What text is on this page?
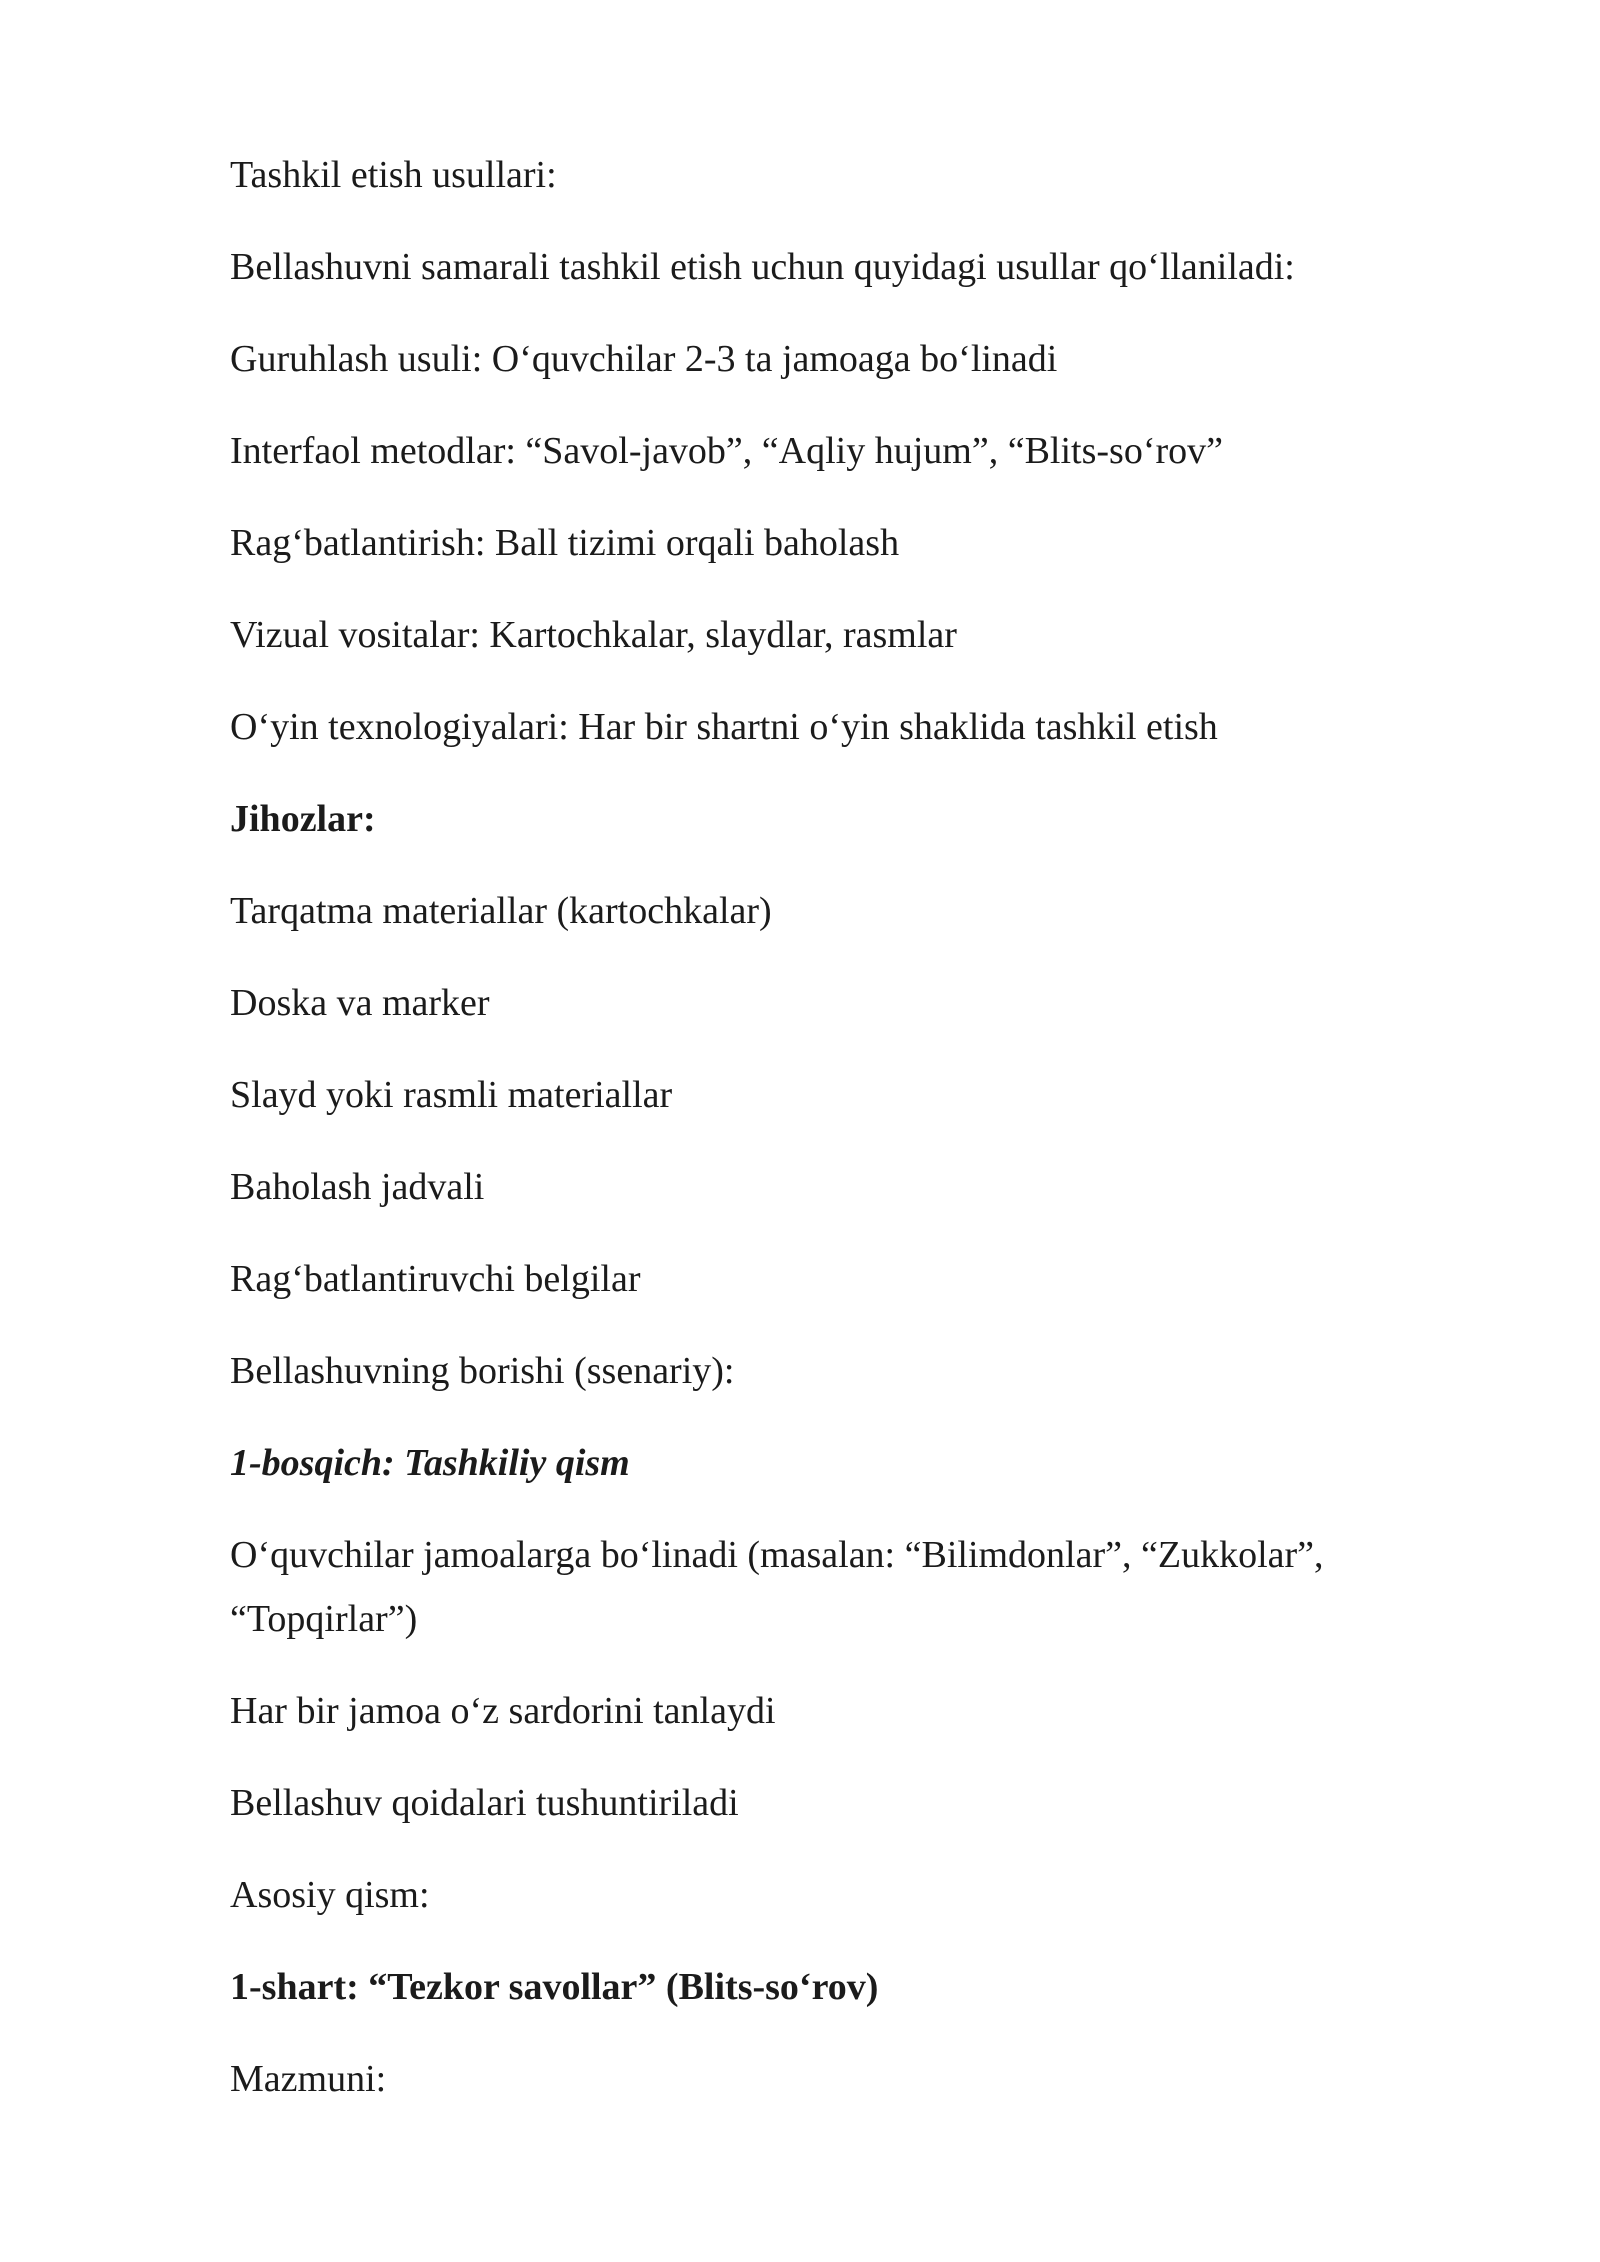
Tashkil etish usullari:

Bellashuvni samarali tashkil etish uchun quyidagi usullar qo‘llaniladi:

Guruhlash usuli: O‘quvchilar 2-3 ta jamoaga bo‘linadi

Interfaol metodlar: “Savol-javob”, “Aqliy hujum”, “Blits-so‘rov”

Rag‘batlantirish: Ball tizimi orqali baholash

Vizual vositalar: Kartochkalar, slaydlar, rasmlar

O‘yin texnologiyalari: Har bir shartni o‘yin shaklida tashkil etish

Jihozlar:

Tarqatma materiallar (kartochkalar)

Doska va marker

Slayd yoki rasmli materiallar

Baholash jadvali

Rag‘batlantiruvchi belgilar

Bellashuvning borishi (ssenariy):

1-bosqich: Tashkiliy qism

O‘quvchilar jamoalarga bo‘linadi (masalan: “Bilimdonlar”, “Zukkolar”,

“Topqirlar”)

Har bir jamoa o‘z sardorini tanlaydi

Bellashuv qoidalari tushuntiriladi

Asosiy qism:

1-shart: “Tezkor savollar” (Blits-so‘rov)

Mazmuni:
